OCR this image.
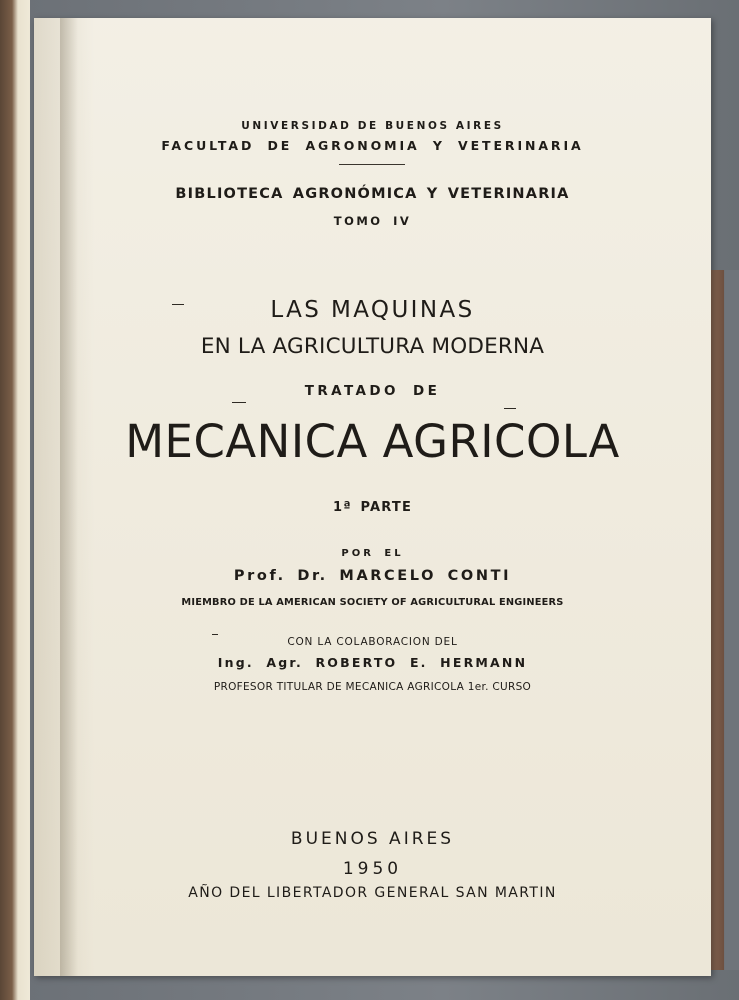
UNIVERSIDAD DE BUENOS AIRES
FACULTAD DE AGRONOMIA Y VETERINARIA
BIBLIOTECA AGRONÓMICA Y VETERINARIA
TOMO IV
LAS MAQUINAS
EN LA AGRICULTURA MODERNA
TRATADO DE
MECANICA AGRICOLA
1ª PARTE
POR EL
Prof. Dr. MARCELO CONTI
MIEMBRO DE LA AMERICAN SOCIETY OF AGRICULTURAL ENGINEERS
CON LA COLABORACION DEL
Ing. Agr. ROBERTO E. HERMANN
PROFESOR TITULAR DE MECANICA AGRICOLA 1er. CURSO
BUENOS AIRES
1950
AÑO DEL LIBERTADOR GENERAL SAN MARTIN
